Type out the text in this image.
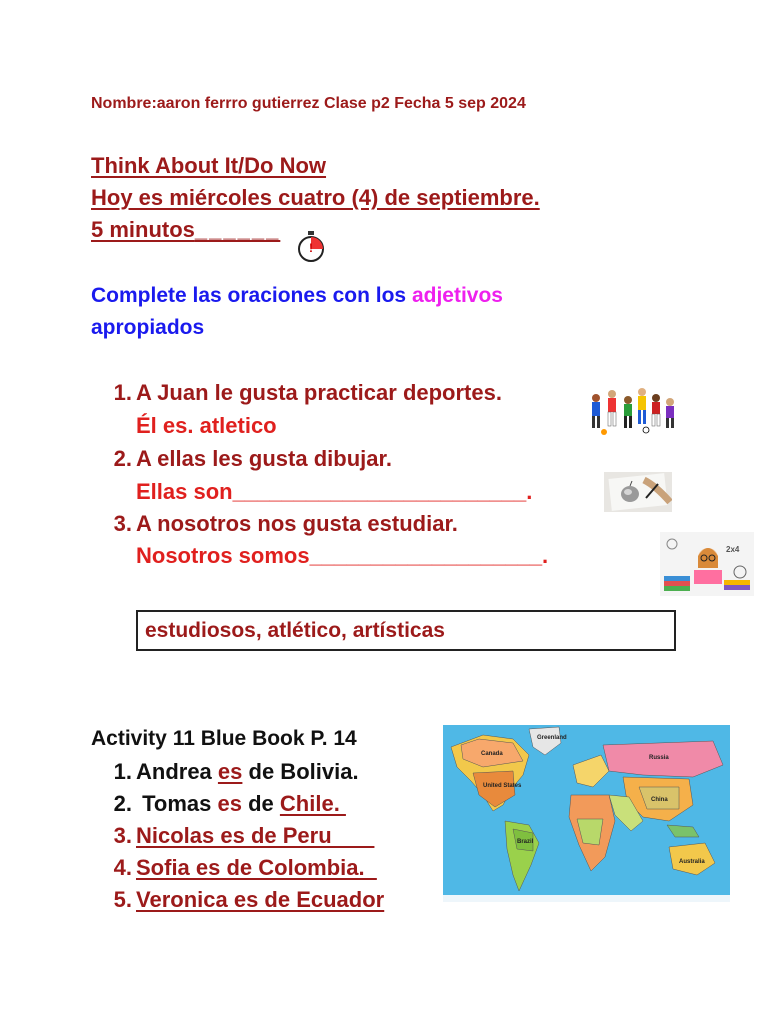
Nombre:aaron ferrro gutierrez Clase p2 Fecha 5 sep 2024
Think About It/Do Now
Hoy es miércoles cuatro (4) de septiembre.
5 minutos______
!
Complete las oraciones con los adjetivos
apropiados
1. A Juan le gusta practicar deportes.
Él es. atletico
2. A ellas les gusta dibujar.
Ellas son________________________.
3. A nosotros nos gusta estudiar.
Nosotros somos___________________.	2x4
estudiosos, atlético, artísticas
Activity 11 Blue Book P. 14
1. Andrea es de Bolivia.
2. Tomas es de Chile.
3. Nicolas es de Peru
4. Sofia es de Colombia.
5. Veronica es de Ecuador
Greenland
Canada
United States
Brazil
Russia
China
Australia
